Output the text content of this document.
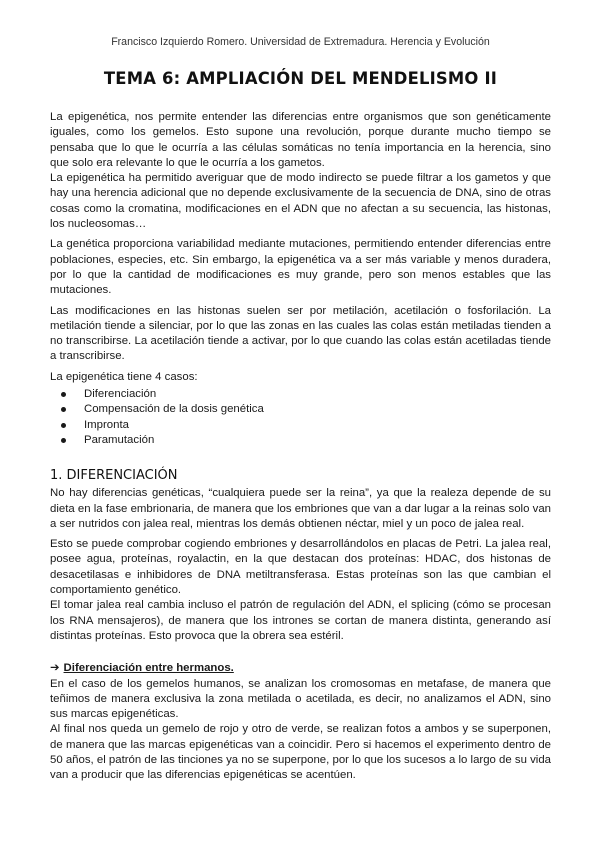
Francisco Izquierdo Romero. Universidad de Extremadura. Herencia y Evolución
TEMA 6: AMPLIACIÓN DEL MENDELISMO II

La epigenética, nos permite entender las diferencias entre organismos que son genéticamente iguales, como los gemelos. Esto supone una revolución, porque durante mucho tiempo se pensaba que lo que le ocurría a las células somáticas no tenía importancia en la herencia, sino que solo era relevante lo que le ocurría a los gametos.

La epigenética ha permitido averiguar que de modo indirecto se puede filtrar a los gametos y que hay una herencia adicional que no depende exclusivamente de la secuencia de DNA, sino de otras cosas como la cromatina, modificaciones en el ADN que no afectan a su secuencia, las histonas, los nucleosomas…

La genética proporciona variabilidad mediante mutaciones, permitiendo entender diferencias entre poblaciones, especies, etc. Sin embargo, la epigenética va a ser más variable y menos duradera, por lo que la cantidad de modificaciones es muy grande, pero son menos estables que las mutaciones.

Las modificaciones en las histonas suelen ser por metilación, acetilación o fosforilación. La metilación tiende a silenciar, por lo que las zonas en las cuales las colas están metiladas tienden a no transcribirse. La acetilación tiende a activar, por lo que cuando las colas están acetiladas tiende a transcribirse.

La epigenética tiene 4 casos:

Diferenciación
Compensación de la dosis genética
Impronta
Paramutación
1. DIFERENCIACIÓN

No hay diferencias genéticas, “cualquiera puede ser la reina”, ya que la realeza depende de su dieta en la fase embrionaria, de manera que los embriones que van a dar lugar a la reinas solo van a ser nutridos con jalea real, mientras los demás obtienen néctar, miel y un poco de jalea real.

Esto se puede comprobar cogiendo embriones y desarrollándolos en placas de Petri. La jalea real, posee agua, proteínas, royalactin, en la que destacan dos proteínas: HDAC, dos histonas de desacetilasas e inhibidores de DNA metiltransferasa. Estas proteínas son las que cambian el comportamiento genético.

El tomar jalea real cambia incluso el patrón de regulación del ADN, el splicing (cómo se procesan los RNA mensajeros), de manera que los intrones se cortan de manera distinta, generando así distintas proteínas. Esto provoca que la obrera sea estéril.

➔ Diferenciación entre hermanos.

En el caso de los gemelos humanos, se analizan los cromosomas en metafase, de manera que teñimos de manera exclusiva la zona metilada o acetilada, es decir, no analizamos el ADN, sino sus marcas epigenéticas.

Al final nos queda un gemelo de rojo y otro de verde, se realizan fotos a ambos y se superponen, de manera que las marcas epigenéticas van a coincidir. Pero si hacemos el experimento dentro de 50 años, el patrón de las tinciones ya no se superpone, por lo que los sucesos a lo largo de su vida van a producir que las diferencias epigenéticas se acentúen.
